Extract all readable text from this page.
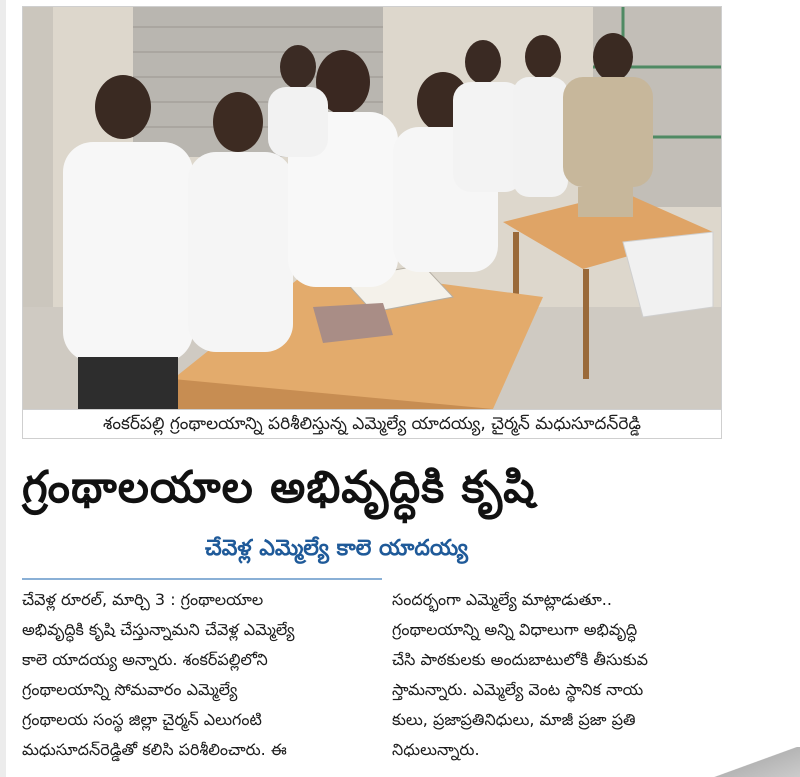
శంకర్‌పల్లి గ్రంథాలయాన్ని పరిశీలిస్తున్న ఎమ్మెల్యే యాదయ్య, చైర్మన్ మధుసూదన్‌రెడ్డి
గ్రంథాలయాల అభివృద్ధికి కృషి
చేవెళ్ల ఎమ్మెల్యే కాలె యాదయ్య
చేవెళ్ల రూరల్, మార్చి 3 : గ్రంథాలయాల
అభివృద్ధికి కృషి చేస్తున్నామని చేవెళ్ల ఎమ్మెల్యే
కాలె యాదయ్య అన్నారు. శంకర్‌పల్లిలోని
గ్రంథాలయాన్ని సోమవారం ఎమ్మెల్యే
గ్రంథాలయ సంస్థ జిల్లా చైర్మన్ ఎలుగంటి
మధుసూదన్‌రెడ్డితో కలిసి పరిశీలించారు. ఈ
సందర్భంగా ఎమ్మెల్యే మాట్లాడుతూ..
గ్రంథాలయాన్ని అన్ని విధాలుగా అభివృద్ధి
చేసి పాఠకులకు అందుబాటులోకి తీసుకువ
స్తామన్నారు. ఎమ్మెల్యే వెంట స్థానిక నాయ
కులు, ప్రజాప్రతినిధులు, మాజీ ప్రజా ప్రతి
నిధులున్నారు.
